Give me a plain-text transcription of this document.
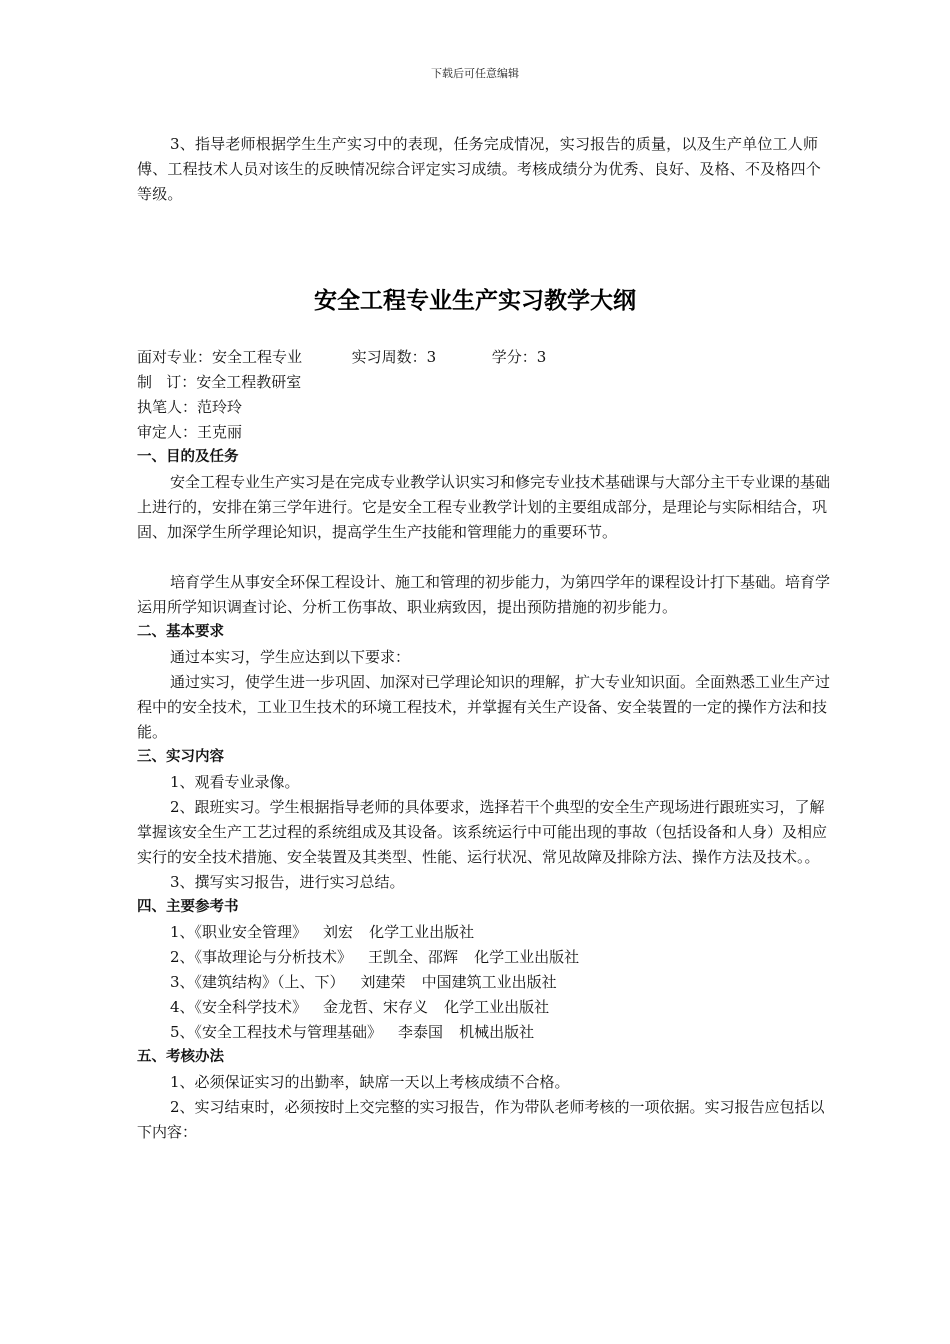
下载后可任意编辑

3、指导老师根据学生生产实习中的表现，任务完成情况，实习报告的质量，以及生产单位工人师傅、工程技术人员对该生的反映情况综合评定实习成绩。考核成绩分为优秀、良好、及格、不及格四个等级。

安全工程专业生产实习教学大纲
面对专业：安全工程专业	实习周数：3	学分：3

制   订：安全工程教研室

执笔人：范玲玲

审定人：王克丽

一、目的及任务

安全工程专业生产实习是在完成专业教学认识实习和修完专业技术基础课与大部分主干专业课的基础上进行的，安排在第三学年进行。它是安全工程专业教学计划的主要组成部分，是理论与实际相结合，巩固、加深学生所学理论知识，提高学生生产技能和管理能力的重要环节。

培育学生从事安全环保工程设计、施工和管理的初步能力，为第四学年的课程设计打下基础。培育学运用所学知识调查讨论、分析工伤事故、职业病致因，提出预防措施的初步能力。

二、基本要求

通过本实习，学生应达到以下要求：

通过实习，使学生进一步巩固、加深对已学理论知识的理解，扩大专业知识面。全面熟悉工业生产过程中的安全技术，工业卫生技术的环境工程技术，并掌握有关生产设备、安全装置的一定的操作方法和技能。

三、实习内容

1、观看专业录像。

2、跟班实习。学生根据指导老师的具体要求，选择若干个典型的安全生产现场进行跟班实习，了解掌握该安全生产工艺过程的系统组成及其设备。该系统运行中可能出现的事故（包括设备和人身）及相应实行的安全技术措施、安全装置及其类型、性能、运行状况、常见故障及排除方法、操作方法及技术。。

3、撰写实习报告，进行实习总结。

四、主要参考书
1、《职业安全管理》 刘宏 化学工业出版社
2、《事故理论与分析技术》 王凯全、邵辉 化学工业出版社
3、《建筑结构》（上、下） 刘建荣 中国建筑工业出版社
4、《安全科学技术》 金龙哲、宋存义 化学工业出版社
5、《安全工程技术与管理基础》 李泰国 机械出版社
五、考核办法

1、必须保证实习的出勤率，缺席一天以上考核成绩不合格。

2、实习结束时，必须按时上交完整的实习报告，作为带队老师考核的一项依据。实习报告应包括以下内容：
